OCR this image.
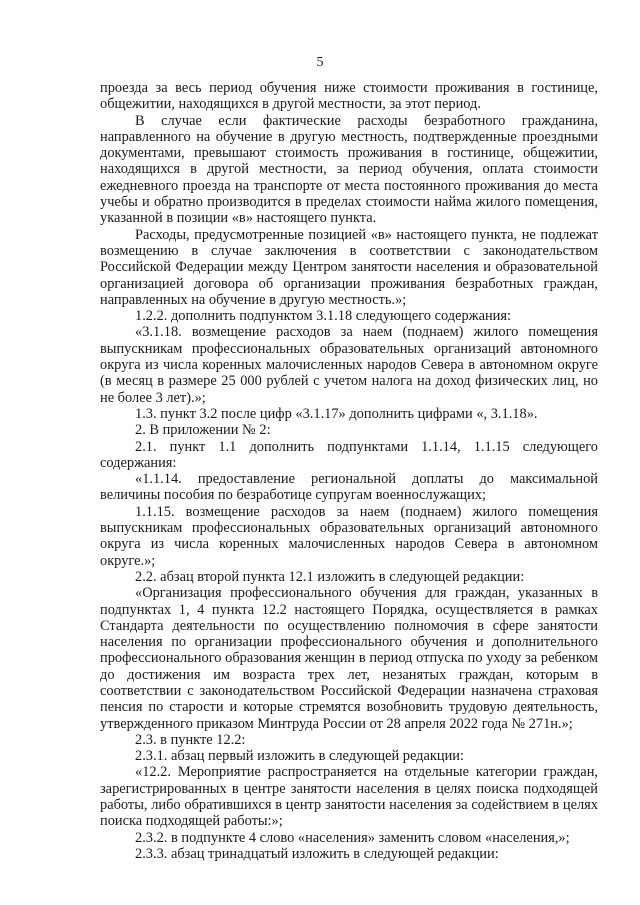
5

проезда за весь период обучения ниже стоимости проживания в гостинице, общежитии, находящихся в другой местности, за этот период.

В случае если фактические расходы безработного гражданина, направленного на обучение в другую местность, подтвержденные проездными документами, превышают стоимость проживания в гостинице, общежитии, находящихся в другой местности, за период обучения, оплата стоимости ежедневного проезда на транспорте от места постоянного проживания до места учебы и обратно производится в пределах стоимости найма жилого помещения, указанной в позиции «в» настоящего пункта.

Расходы, предусмотренные позицией «в» настоящего пункта, не подлежат возмещению в случае заключения в соответствии с законодательством Российской Федерации между Центром занятости населения и образовательной организацией договора об организации проживания безработных граждан, направленных на обучение в другую местность.»;

1.2.2. дополнить подпунктом 3.1.18 следующего содержания:

«3.1.18. возмещение расходов за наем (поднаем) жилого помещения выпускникам профессиональных образовательных организаций автономного округа из числа коренных малочисленных народов Севера в автономном округе (в месяц в размере 25 000 рублей с учетом налога на доход физических лиц, но не более 3 лет).»;

1.3. пункт 3.2 после цифр «3.1.17» дополнить цифрами «, 3.1.18».

2. В приложении № 2:

2.1. пункт 1.1 дополнить подпунктами 1.1.14, 1.1.15 следующего содержания:

«1.1.14. предоставление региональной доплаты до максимальной величины пособия по безработице супругам военнослужащих;

1.1.15. возмещение расходов за наем (поднаем) жилого помещения выпускникам профессиональных образовательных организаций автономного округа из числа коренных малочисленных народов Севера в автономном округе.»;

2.2. абзац второй пункта 12.1 изложить в следующей редакции:

«Организация профессионального обучения для граждан, указанных в подпунктах 1, 4 пункта 12.2 настоящего Порядка, осуществляется в рамках Стандарта деятельности по осуществлению полномочия в сфере занятости населения по организации профессионального обучения и дополнительного профессионального образования женщин в период отпуска по уходу за ребенком до достижения им возраста трех лет, незанятых граждан, которым в соответствии с законодательством Российской Федерации назначена страховая пенсия по старости и которые стремятся возобновить трудовую деятельность, утвержденного приказом Минтруда России от 28 апреля 2022 года № 271н.»;

2.3. в пункте 12.2:

2.3.1. абзац первый изложить в следующей редакции:

«12.2. Мероприятие распространяется на отдельные категории граждан, зарегистрированных в центре занятости населения в целях поиска подходящей работы, либо обратившихся в центр занятости населения за содействием в целях поиска подходящей работы:»;

2.3.2. в подпункте 4 слово «населения» заменить словом «населения,»;

2.3.3. абзац тринадцатый изложить в следующей редакции:
